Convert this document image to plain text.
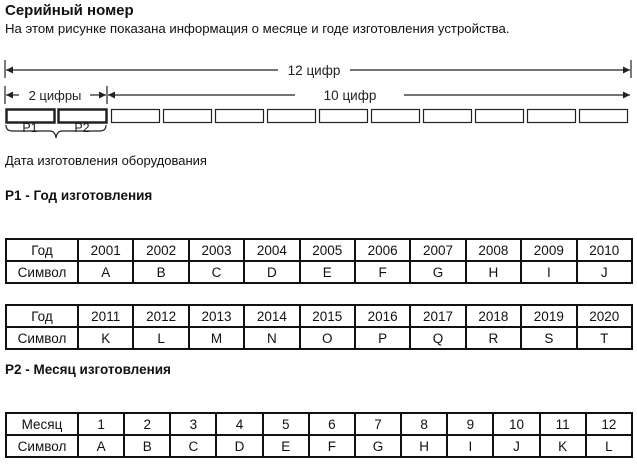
Серийный номер
На этом рисунке показана информация о месяце и годе изготовления устройства.
12 цифр
2 цифры	10 цифр
P1	P2
Дата изготовления оборудования
P1 - Год изготовления
Год	2001	2002	2003	2004	2005	2006	2007	2008	2009	2010
Символ	A	B	C	D	E	F	G	H	I	J
Год	2011	2012	2013	2014	2015	2016	2017	2018	2019	2020
Символ	K	L	M	N	O	P	Q	R	S	T
P2 - Месяц изготовления
Месяц	1	2	3	4	5	6	7	8	9	10	11	12
Символ	A	B	C	D	E	F	G	H	I	J	K	L
